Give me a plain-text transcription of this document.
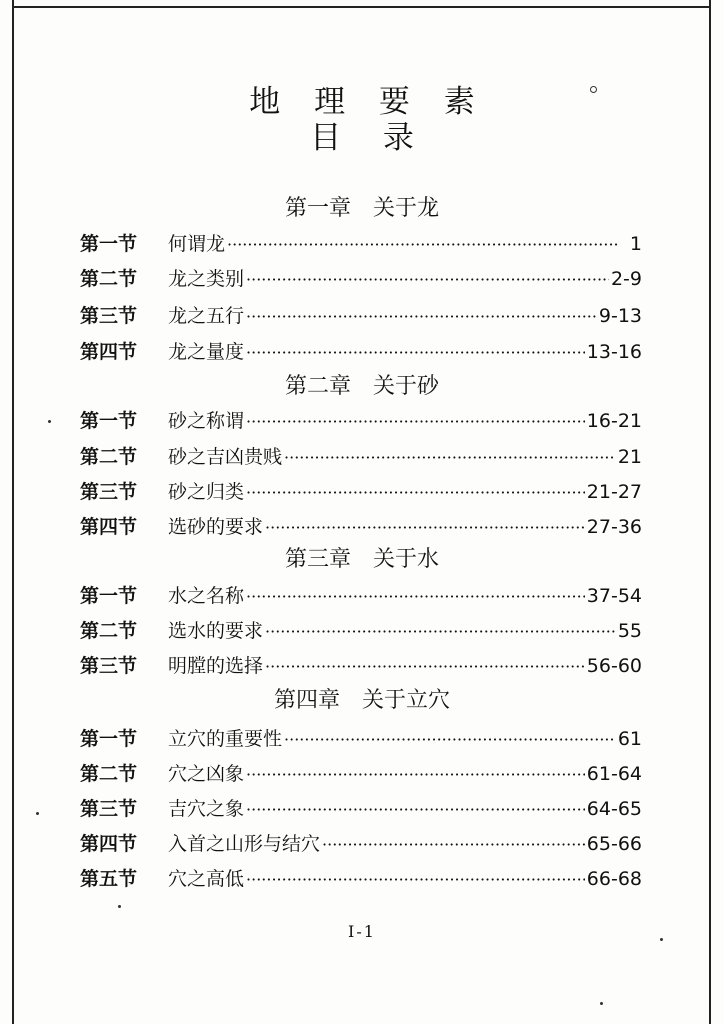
地 理 要 素
目 录
第一章 关于龙
第一节	何谓龙 ·····	1
第二节	龙之类别 ·····	2-9
第三节	龙之五行 ·····	9-13
第四节	龙之量度 ·····	13-16
第二章 关于砂
第一节	砂之称谓 ·····	16-21
第二节	砂之吉凶贵贱 ·····	21
第三节	砂之归类 ·····	21-27
第四节	选砂的要求 ·····	27-36
第三章 关于水
第一节	水之名称 ·····	37-54
第二节	选水的要求 ·····	55
第三节	明膛的选择 ·····	56-60
第四章 关于立穴
第一节	立穴的重要性 ·····	61
第二节	穴之凶象 ·····	61-64
第三节	吉穴之象 ·····	64-65
第四节	入首之山形与结穴 ·····	65-66
第五节	穴之高低 ·····	66-68
I-1
